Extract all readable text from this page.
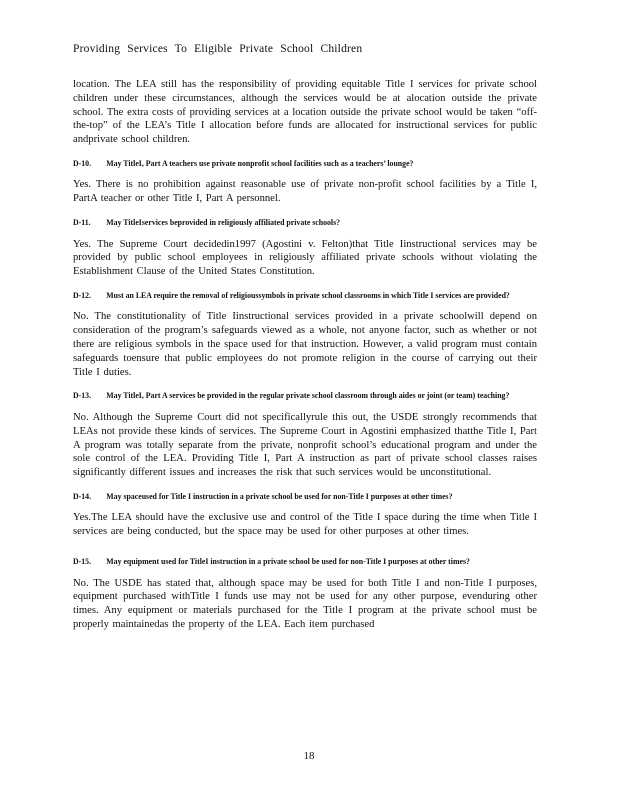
Providing Services To Eligible Private School Children

location. The LEA still has the responsibility of providing equitable Title I services for private school children under these circumstances, although the services would be at alocation outside the private school. The extra costs of providing services at a location outside the private school would be taken “off-the-top” of the LEA’s Title I allocation before funds are allocated for instructional services for public andprivate school children.

D-10. May TitleI, Part A teachers use private nonprofit school facilities such as a teachers’ lounge?

Yes. There is no prohibition against reasonable use of private non-profit school facilities by a Title I, PartA teacher or other Title I, Part A personnel.

D-11. May TitleIservices beprovided in religiously affiliated private schools?

Yes. The Supreme Court decidedin1997 (Agostini v. Felton)that Title Iinstructional services may be provided by public school employees in religiously affiliated private schools without violating the Establishment Clause of the United States Constitution.

D-12. Must an LEA require the removal of religioussymbols in private school classrooms in which Title I services are provided?

No. The constitutionality of Title Iinstructional services provided in a private schoolwill depend on consideration of the program’s safeguards viewed as a whole, not anyone factor, such as whether or not there are religious symbols in the space used for that instruction. However, a valid program must contain safeguards toensure that public employees do not promote religion in the course of carrying out their Title I duties.

D-13. May TitleI, Part A services be provided in the regular private school classroom through aides or joint (or team) teaching?

No. Although the Supreme Court did not specificallyrule this out, the USDE strongly recommends that LEAs not provide these kinds of services. The Supreme Court in Agostini emphasized thatthe Title I, Part A program was totally separate from the private, nonprofit school’s educational program and under the sole control of the LEA. Providing Title I, Part A instruction as part of private school classes raises significantly different issues and increases the risk that such services would be unconstitutional.

D-14. May spaceused for Title I instruction in a private school be used for non-Title I purposes at other times?

Yes.The LEA should have the exclusive use and control of the Title I space during the time when Title I services are being conducted, but the space may be used for other purposes at other times.

D-15. May equipment used for TitleI instruction in a private school be used for non-Title I purposes at other times?

No. The USDE has stated that, although space may be used for both Title I and non-Title I purposes, equipment purchased withTitle I funds use may not be used for any other purpose, evenduring other times. Any equipment or materials purchased for the Title I program at the private school must be properly maintainedas the property of the LEA. Each item purchased

18
